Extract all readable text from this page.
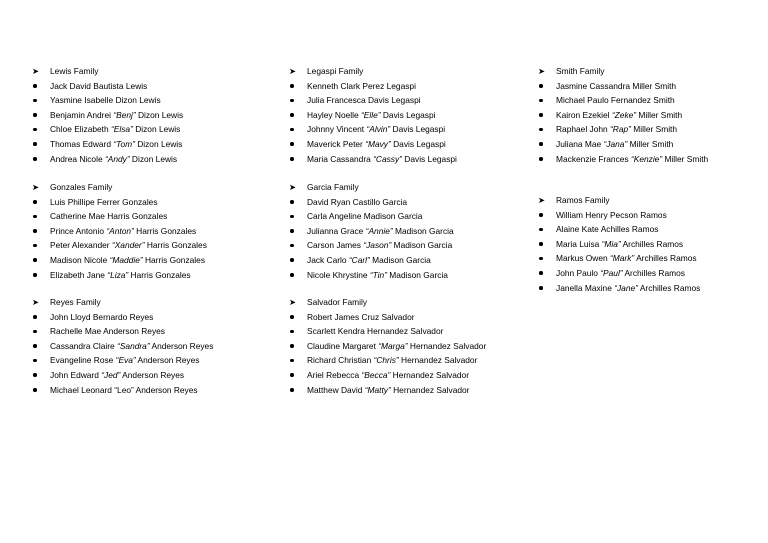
➤ Lewis Family
Jack David Bautista Lewis
Yasmine Isabelle Dizon Lewis
Benjamin Andrei “Benj” Dizon Lewis
Chloe Elizabeth “Elsa” Dizon Lewis
Thomas Edward “Tom” Dizon Lewis
Andrea Nicole “Andy” Dizon Lewis
➤ Gonzales Family
Luis Phillipe Ferrer Gonzales
Catherine Mae Harris Gonzales
Prince Antonio “Anton” Harris Gonzales
Peter Alexander “Xander” Harris Gonzales
Madison Nicole “Maddie” Harris Gonzales
Elizabeth Jane “Liza” Harris Gonzales
➤ Reyes Family
John Lloyd Bernardo Reyes
Rachelle Mae Anderson Reyes
Cassandra Claire “Sandra” Anderson Reyes
Evangeline Rose “Eva” Anderson Reyes
John Edward “Jed” Anderson Reyes
Michael Leonard “Leo” Anderson Reyes
➤ Legaspi Family
Kenneth Clark Perez Legaspi
Julia Francesca Davis Legaspi
Hayley Noelle “Elle” Davis Legaspi
Johnny Vincent “Alvin” Davis Legaspi
Maverick Peter “Mavy” Davis Legaspi
Maria Cassandra “Cassy” Davis Legaspi
➤ Garcia Family
David Ryan Castillo Garcia
Carla Angeline Madison Garcia
Julianna Grace “Annie” Madison Garcia
Carson James “Jason” Madison Garcia
Jack Carlo “Carl” Madison Garcia
Nicole Khrystine “Tin” Madison Garcia
➤ Salvador Family
Robert James Cruz Salvador
Scarlett Kendra Hernandez Salvador
Claudine Margaret “Marga” Hernandez Salvador
Richard Christian “Chris” Hernandez Salvador
Ariel Rebecca “Becca” Hernandez Salvador
Matthew David “Matty” Hernandez Salvador
➤ Smith Family
Jasmine Cassandra Miller Smith
Michael Paulo Fernandez Smith
Kairon Ezekiel “Zeke” Miller Smith
Raphael John “Rap” Miller Smith
Juliana Mae “Jana” Miller Smith
Mackenzie Frances “Kenzie” Miller Smith
➤ Ramos Family
William Henry Pecson Ramos
Alaine Kate Achilles Ramos
Maria Luisa “Mia” Archilles Ramos
Markus Owen “Mark” Archilles Ramos
John Paulo “Paul” Archilles Ramos
Janella Maxine “Jane” Archilles Ramos
